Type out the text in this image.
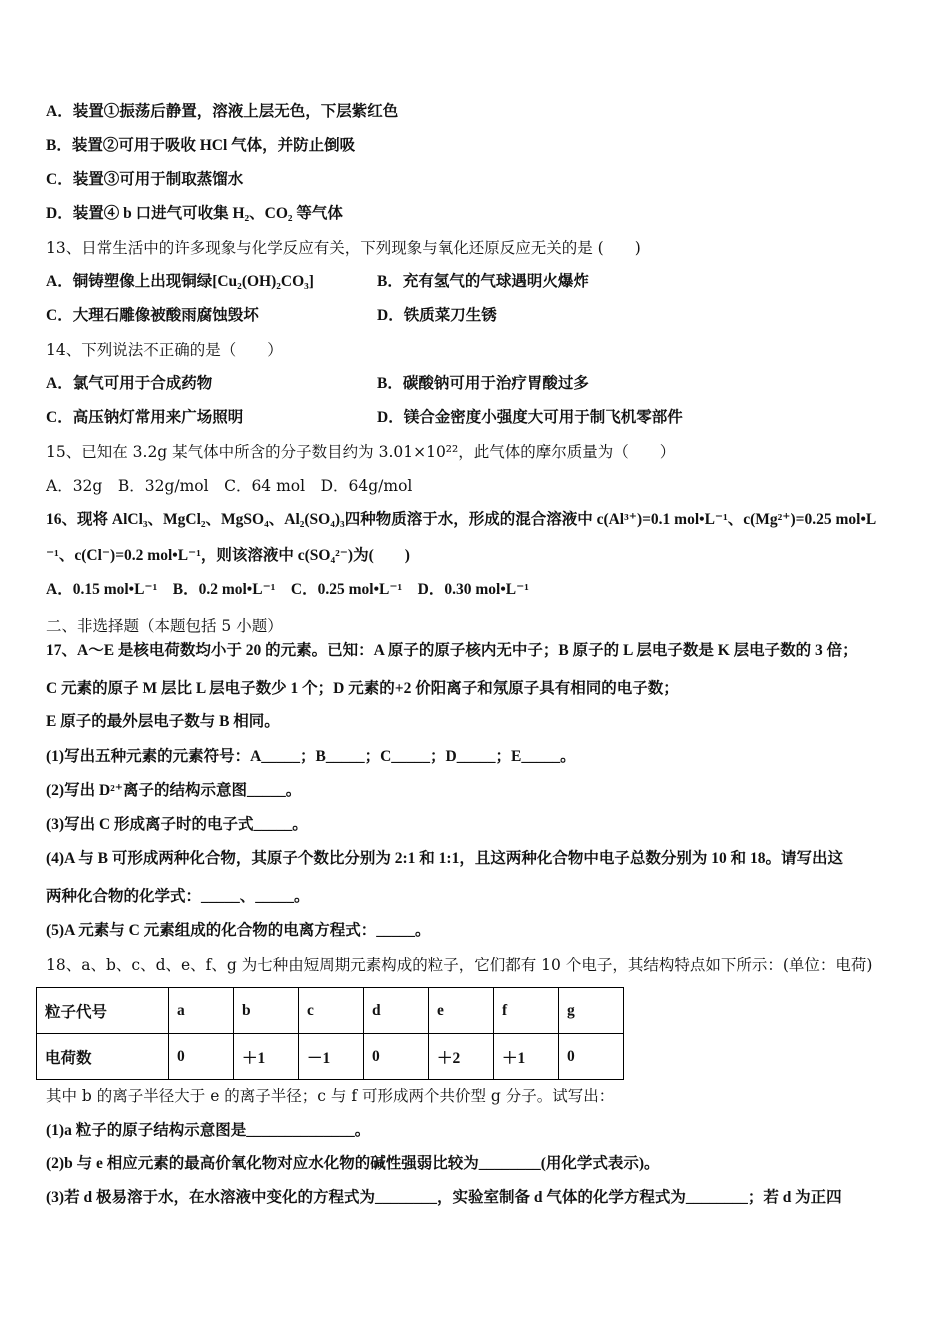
A．装置①振荡后静置，溶液上层无色，下层紫红色
B．装置②可用于吸收 HCl 气体，并防止倒吸
C．装置③可用于制取蒸馏水
D．装置④ b 口进气可收集 H₂、CO₂ 等气体
13、日常生活中的许多现象与化学反应有关，下列现象与氧化还原反应无关的是 (　　)
A．铜铸塑像上出现铜绿[Cu₂(OH)₂CO₃]	B．充有氢气的气球遇明火爆炸
C．大理石雕像被酸雨腐蚀毁坏	D．铁质菜刀生锈
14、下列说法不正确的是（　　）
A．氯气可用于合成药物	B．碳酸钠可用于治疗胃酸过多
C．高压钠灯常用来广场照明	D．镁合金密度小强度大可用于制飞机零部件
15、已知在 3.2g 某气体中所含的分子数目约为 3.01×10²²，此气体的摩尔质量为（　　）
A．32g　B．32g/mol　C．64 mol　D．64g/mol
16、现将 AlCl₃、MgCl₂、MgSO₄、Al₂(SO₄)₃四种物质溶于水，形成的混合溶液中 c(Al³⁺)=0.1 mol•L⁻¹、c(Mg²⁺)=0.25 mol•L
⁻¹、c(Cl⁻)=0.2 mol•L⁻¹，则该溶液中 c(SO₄²⁻)为(　　)
A．0.15 mol•L⁻¹　B．0.2 mol•L⁻¹　C．0.25 mol•L⁻¹　D．0.30 mol•L⁻¹
二、非选择题（本题包括 5 小题）
17、A～E 是核电荷数均小于 20 的元素。已知：A 原子的原子核内无中子；B 原子的 L 层电子数是 K 层电子数的 3 倍；
C 元素的原子 M 层比 L 层电子数少 1 个；D 元素的+2 价阳离子和氖原子具有相同的电子数；
E 原子的最外层电子数与 B 相同。
(1)写出五种元素的元素符号：A_____；B_____；C_____；D_____；E_____。
(2)写出 D²⁺离子的结构示意图_____。
(3)写出 C 形成离子时的电子式_____。
(4)A 与 B 可形成两种化合物，其原子个数比分别为 2:1 和 1:1，且这两种化合物中电子总数分别为 10 和 18。请写出这
两种化合物的化学式：_____、_____。
(5)A 元素与 C 元素组成的化合物的电离方程式：_____。
18、a、b、c、d、e、f、g 为七种由短周期元素构成的粒子，它们都有 10 个电子，其结构特点如下所示：(单位：电荷)
其中 b 的离子半径大于 e 的离子半径；c 与 f 可形成两个共价型 g 分子。试写出：
(1)a 粒子的原子结构示意图是______________。
(2)b 与 e 相应元素的最高价氧化物对应水化物的碱性强弱比较为________(用化学式表示)。
(3)若 d 极易溶于水，在水溶液中变化的方程式为________，实验室制备 d 气体的化学方程式为________；若 d 为正四
粒子代号	a	b	c	d	e	f	g
电荷数	0	＋1	－1	0	＋2	＋1	0
